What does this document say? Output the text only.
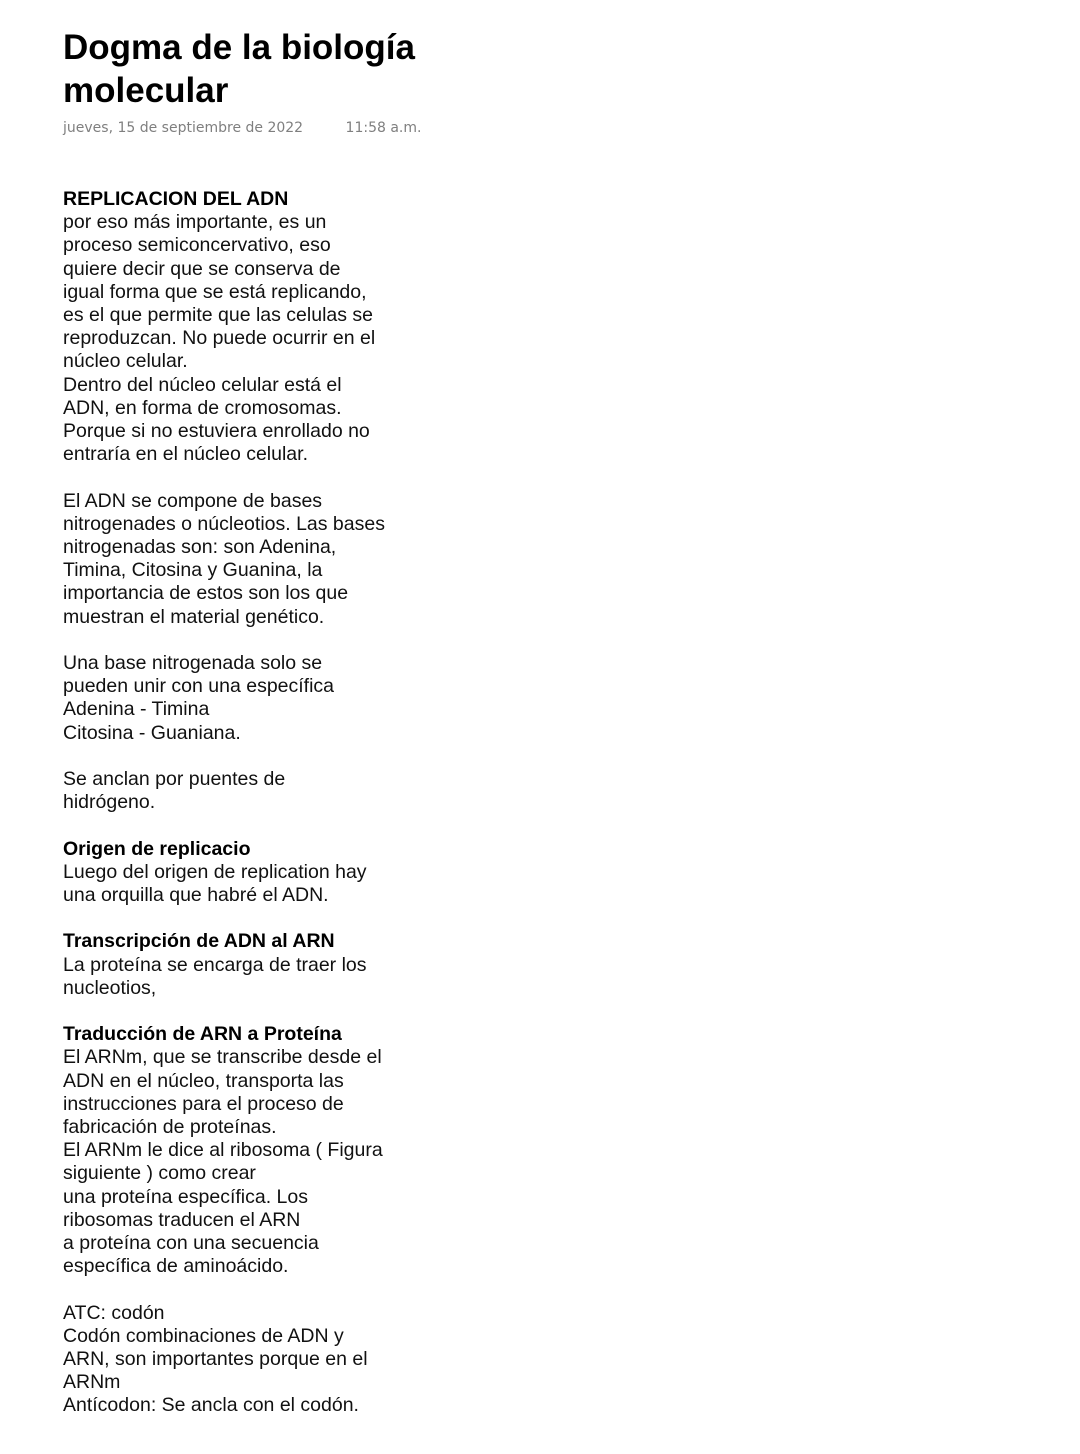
Dogma de la biología
molecular
jueves, 15 de septiembre de 2022	11:58 a.m.
REPLICACION DEL ADN
por eso más importante, es un
proceso semiconcervativo, eso
quiere decir que se conserva de
igual forma que se está replicando,
es el que permite que las celulas se
reproduzcan. No puede ocurrir en el
núcleo celular.
Dentro del núcleo celular está el
ADN, en forma de cromosomas.
Porque si no estuviera enrollado no
entraría en el núcleo celular.
El ADN se compone de bases
nitrogenades o núcleotios. Las bases
nitrogenadas son: son Adenina,
Timina, Citosina y Guanina, la
importancia de estos son los que
muestran el material genético.
Una base nitrogenada solo se
pueden unir con una específica
Adenina - Timina
Citosina - Guaniana.
Se anclan por puentes de
hidrógeno.
Origen de replicacio
Luego del origen de replication hay
una orquilla que habré el ADN.
Transcripción de ADN al ARN
La proteína se encarga de traer los
nucleotios,
Traducción de ARN a Proteína
El ARNm, que se transcribe desde el
ADN en el núcleo, transporta las
instrucciones para el proceso de
fabricación de proteínas.
El ARNm le dice al ribosoma ( Figura
siguiente ) como crear
una proteína específica. Los
ribosomas traducen el ARN
a proteína con una secuencia
específica de aminoácido.
ATC: codón
Codón combinaciones de ADN y
ARN, son importantes porque en el
ARNm
Antícodon: Se ancla con el codón.
